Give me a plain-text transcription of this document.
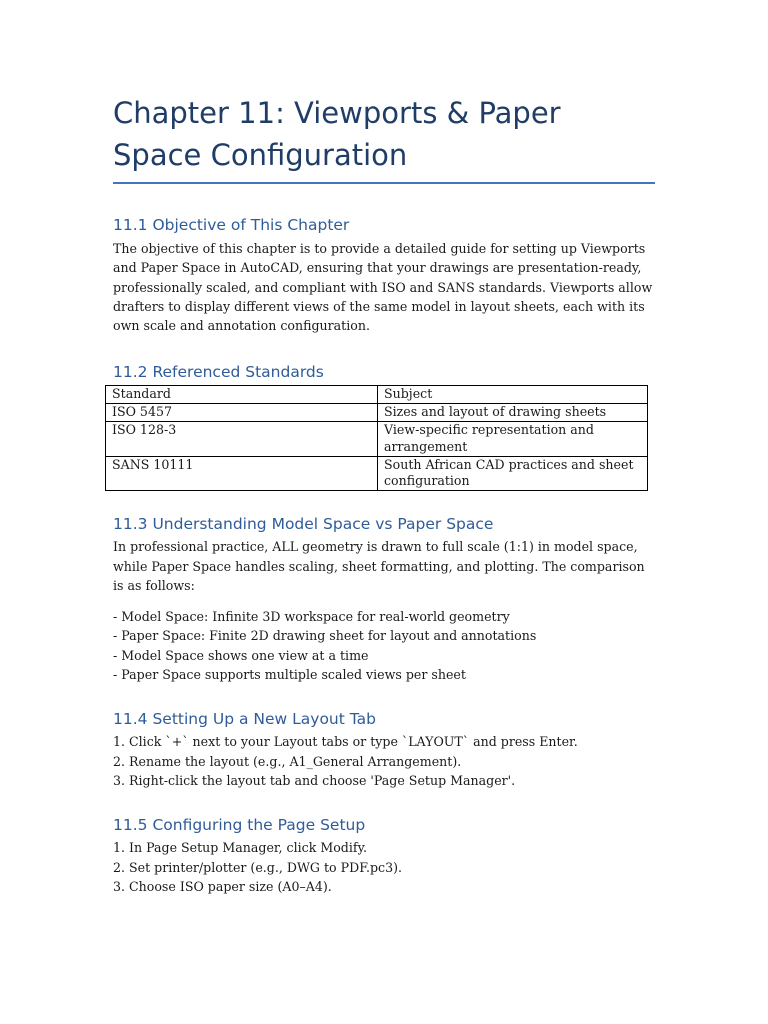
Chapter 11: Viewports & Paper Space Configuration
11.1 Objective of This Chapter

The objective of this chapter is to provide a detailed guide for setting up Viewports and Paper Space in AutoCAD, ensuring that your drawings are presentation-ready, professionally scaled, and compliant with ISO and SANS standards. Viewports allow drafters to display different views of the same model in layout sheets, each with its own scale and annotation configuration.

11.2 Referenced Standards
Standard	Subject
ISO 5457	Sizes and layout of drawing sheets
ISO 128-3	View-specific representation and arrangement
SANS 10111	South African CAD practices and sheet configuration
11.3 Understanding Model Space vs Paper Space

In professional practice, ALL geometry is drawn to full scale (1:1) in model space, while Paper Space handles scaling, sheet formatting, and plotting. The comparison is as follows:

- Model Space: Infinite 3D workspace for real-world geometry
- Paper Space: Finite 2D drawing sheet for layout and annotations
- Model Space shows one view at a time
- Paper Space supports multiple scaled views per sheet
11.4 Setting Up a New Layout Tab
1. Click `+` next to your Layout tabs or type `LAYOUT` and press Enter.
2. Rename the layout (e.g., A1_General Arrangement).
3. Right-click the layout tab and choose 'Page Setup Manager'.
11.5 Configuring the Page Setup
1. In Page Setup Manager, click Modify.
2. Set printer/plotter (e.g., DWG to PDF.pc3).
3. Choose ISO paper size (A0–A4).
